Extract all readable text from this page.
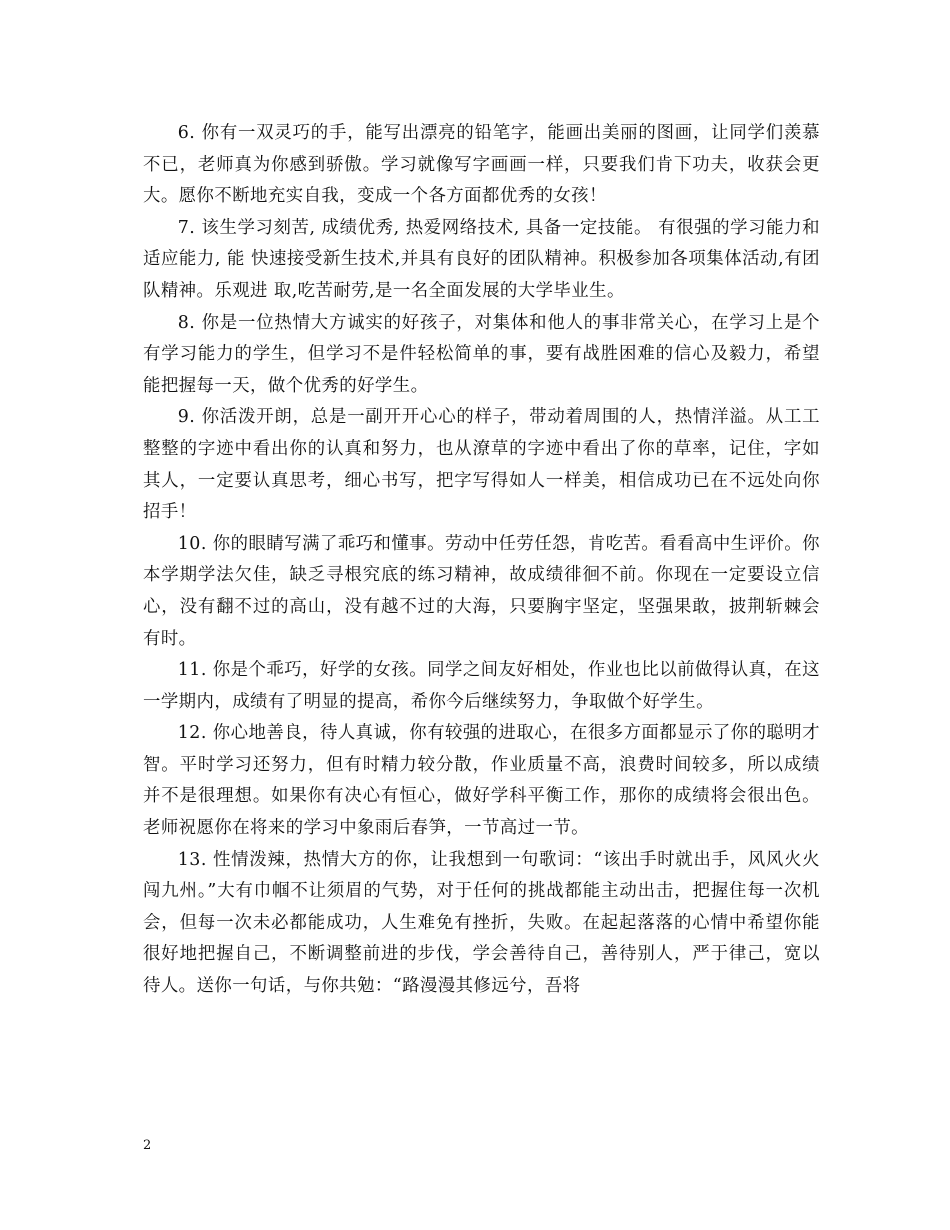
6. 你有一双灵巧的手，能写出漂亮的铅笔字，能画出美丽的图画，让同学们羡慕不已，老师真为你感到骄傲。学习就像写字画画一样，只要我们肯下功夫，收获会更大。愿你不断地充实自我，变成一个各方面都优秀的女孩！

7. 该生学习刻苦, 成绩优秀, 热爱网络技术, 具备一定技能。 有很强的学习能力和适应能力, 能 快速接受新生技术,并具有良好的团队精神。积极参加各项集体活动,有团队精神。乐观进 取,吃苦耐劳,是一名全面发展的大学毕业生。

8. 你是一位热情大方诚实的好孩子，对集体和他人的事非常关心，在学习上是个有学习能力的学生，但学习不是件轻松简单的事，要有战胜困难的信心及毅力，希望能把握每一天，做个优秀的好学生。

9. 你活泼开朗，总是一副开开心心的样子，带动着周围的人，热情洋溢。从工工整整的字迹中看出你的认真和努力，也从潦草的字迹中看出了你的草率，记住，字如其人，一定要认真思考，细心书写，把字写得如人一样美，相信成功已在不远处向你招手！

10. 你的眼睛写满了乖巧和懂事。劳动中任劳任怨，肯吃苦。看看高中生评价。你本学期学法欠佳，缺乏寻根究底的练习精神，故成绩徘徊不前。你现在一定要设立信心，没有翻不过的高山，没有越不过的大海，只要胸宇坚定，坚强果敢，披荆斩棘会有时。

11. 你是个乖巧，好学的女孩。同学之间友好相处，作业也比以前做得认真，在这一学期内，成绩有了明显的提高，希你今后继续努力，争取做个好学生。

12. 你心地善良，待人真诚，你有较强的进取心，在很多方面都显示了你的聪明才智。平时学习还努力，但有时精力较分散，作业质量不高，浪费时间较多，所以成绩并不是很理想。如果你有决心有恒心，做好学科平衡工作，那你的成绩将会很出色。老师祝愿你在将来的学习中象雨后春笋，一节高过一节。

13. 性情泼辣，热情大方的你，让我想到一句歌词：“该出手时就出手，风风火火闯九州。”大有巾帼不让须眉的气势，对于任何的挑战都能主动出击，把握住每一次机会，但每一次未必都能成功，人生难免有挫折，失败。在起起落落的心情中希望你能很好地把握自己，不断调整前进的步伐，学会善待自己，善待别人，严于律己，宽以待人。送你一句话，与你共勉：“路漫漫其修远兮，吾将

2
